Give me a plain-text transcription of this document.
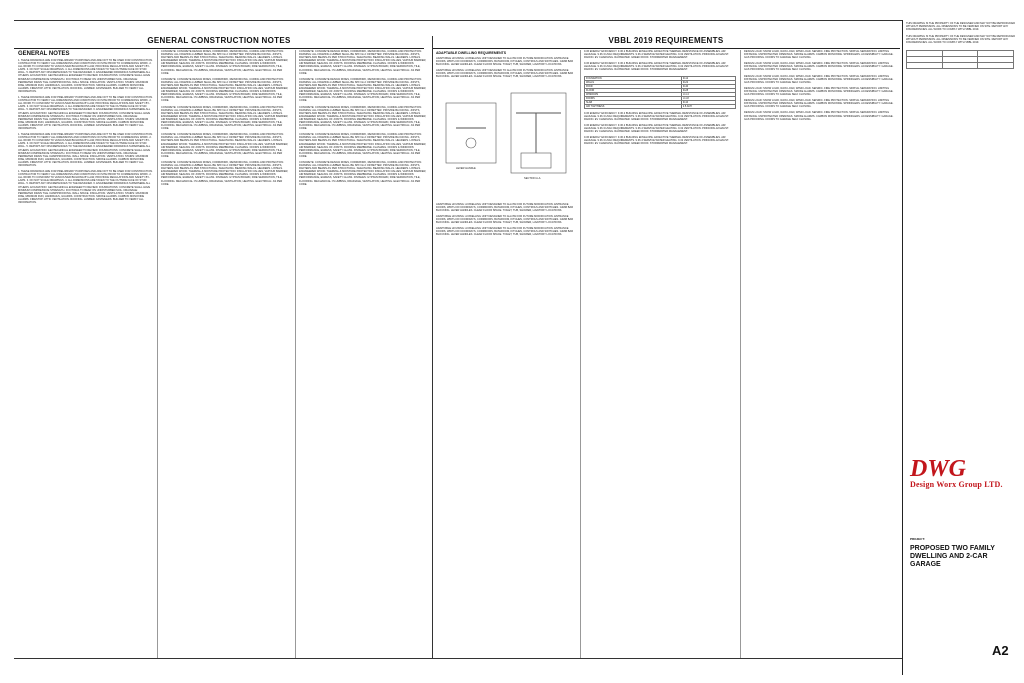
GENERAL CONSTRUCTION NOTES	VBBL 2019 REQUIREMENTS
GENERAL NOTES
1. THESE DRAWINGS ARE FOR PRELIMINARY PURPOSES AND ARE NOT TO BE USED FOR CONSTRUCTION. CONTRACTOR TO VERIFY ALL DIMENSIONS AND CONDITIONS ON SITE PRIOR TO COMMENCING WORK. 2. ALL WORK TO CONFORM TO VANCOUVER BUILDING BY-LAW, PROVINCE REGULATIONS AND SAFETY BY-LAWS. 3. DO NOT SCALE DRAWINGS. 4. ALL DIMENSIONS ARE TAKEN TO THE OUTSIDE FACE OF STUD WALL. 5. REPORT ANY DISCREPANCIES TO THE DESIGNER. 6. ENGINEERED DRAWINGS SUPERSEDE ALL OTHERS. EXCAVATION: GEOTECHNICAL ENGINEER TO REVIEW. FOUNDATIONS: CONCRETE SHALL HAVE MINIMUM COMPRESSIVE STRENGTH. FOOTINGS TO BEAR ON UNDISTURBED SOIL. DRAINAGE: PERIMETER DRAIN TILE. DAMPPROOFING. WALL SPACE. INSULATION. VENTILATION. STAIRS: MAXIMUM RISE, MINIMUM RUN, HANDRAILS, GUARDS. CONSTRUCTION. SMOKE ALARMS. CARBON MONOXIDE ALARMS. FIRESTOP. ATTIC VENTILATION. ROOFING. LUMBER. FASTENERS. BUILDER TO VERIFY ALL INFORMATION.
1. THESE DRAWINGS ARE FOR PRELIMINARY PURPOSES AND ARE NOT TO BE USED FOR CONSTRUCTION. CONTRACTOR TO VERIFY ALL DIMENSIONS AND CONDITIONS ON SITE PRIOR TO COMMENCING WORK. 2. ALL WORK TO CONFORM TO VANCOUVER BUILDING BY-LAW, PROVINCE REGULATIONS AND SAFETY BY-LAWS. 3. DO NOT SCALE DRAWINGS. 4. ALL DIMENSIONS ARE TAKEN TO THE OUTSIDE FACE OF STUD WALL. 5. REPORT ANY DISCREPANCIES TO THE DESIGNER. 6. ENGINEERED DRAWINGS SUPERSEDE ALL OTHERS. EXCAVATION: GEOTECHNICAL ENGINEER TO REVIEW. FOUNDATIONS: CONCRETE SHALL HAVE MINIMUM COMPRESSIVE STRENGTH. FOOTINGS TO BEAR ON UNDISTURBED SOIL. DRAINAGE: PERIMETER DRAIN TILE. DAMPPROOFING. WALL SPACE. INSULATION. VENTILATION. STAIRS: MAXIMUM RISE, MINIMUM RUN, HANDRAILS, GUARDS. CONSTRUCTION. SMOKE ALARMS. CARBON MONOXIDE ALARMS. FIRESTOP. ATTIC VENTILATION. ROOFING. LUMBER. FASTENERS. BUILDER TO VERIFY ALL INFORMATION.
1. THESE DRAWINGS ARE FOR PRELIMINARY PURPOSES AND ARE NOT TO BE USED FOR CONSTRUCTION. CONTRACTOR TO VERIFY ALL DIMENSIONS AND CONDITIONS ON SITE PRIOR TO COMMENCING WORK. 2. ALL WORK TO CONFORM TO VANCOUVER BUILDING BY-LAW, PROVINCE REGULATIONS AND SAFETY BY-LAWS. 3. DO NOT SCALE DRAWINGS. 4. ALL DIMENSIONS ARE TAKEN TO THE OUTSIDE FACE OF STUD WALL. 5. REPORT ANY DISCREPANCIES TO THE DESIGNER. 6. ENGINEERED DRAWINGS SUPERSEDE ALL OTHERS. EXCAVATION: GEOTECHNICAL ENGINEER TO REVIEW. FOUNDATIONS: CONCRETE SHALL HAVE MINIMUM COMPRESSIVE STRENGTH. FOOTINGS TO BEAR ON UNDISTURBED SOIL. DRAINAGE: PERIMETER DRAIN TILE. DAMPPROOFING. WALL SPACE. INSULATION. VENTILATION. STAIRS: MAXIMUM RISE, MINIMUM RUN, HANDRAILS, GUARDS. CONSTRUCTION. SMOKE ALARMS. CARBON MONOXIDE ALARMS. FIRESTOP. ATTIC VENTILATION. ROOFING. LUMBER. FASTENERS. BUILDER TO VERIFY ALL INFORMATION.
1. THESE DRAWINGS ARE FOR PRELIMINARY PURPOSES AND ARE NOT TO BE USED FOR CONSTRUCTION. CONTRACTOR TO VERIFY ALL DIMENSIONS AND CONDITIONS ON SITE PRIOR TO COMMENCING WORK. 2. ALL WORK TO CONFORM TO VANCOUVER BUILDING BY-LAW, PROVINCE REGULATIONS AND SAFETY BY-LAWS. 3. DO NOT SCALE DRAWINGS. 4. ALL DIMENSIONS ARE TAKEN TO THE OUTSIDE FACE OF STUD WALL. 5. REPORT ANY DISCREPANCIES TO THE DESIGNER. 6. ENGINEERED DRAWINGS SUPERSEDE ALL OTHERS. EXCAVATION: GEOTECHNICAL ENGINEER TO REVIEW. FOUNDATIONS: CONCRETE SHALL HAVE MINIMUM COMPRESSIVE STRENGTH. FOOTINGS TO BEAR ON UNDISTURBED SOIL. DRAINAGE: PERIMETER DRAIN TILE. DAMPPROOFING. WALL SPACE. INSULATION. VENTILATION. STAIRS: MAXIMUM RISE, MINIMUM RUN, HANDRAILS, GUARDS. CONSTRUCTION. SMOKE ALARMS. CARBON MONOXIDE ALARMS. FIRESTOP. ATTIC VENTILATION. ROOFING. LUMBER. FASTENERS. BUILDER TO VERIFY ALL INFORMATION.
CONCRETE: CONCRETE DESIGN MIXES, FORMWORK, REINFORCING, CURING AND PROTECTION. FRAMING: ALL FRAMING LUMBER SHALL BE SPF No.2 OR BETTER. PROVIDE BLOCKING. JOISTS, RAFTERS AND BEAMS AS PER STRUCTURAL. SHEATHING. BEARING WALLS. HEADERS. LINTELS. ENGINEERED WOOD. THERMAL & MOISTURE PROTECTION: INSULATION VALUES, VAPOUR BARRIER, AIR BARRIER, SEALING OF JOINTS. ROOFING MEMBRANE. FLASHING. DOORS & WINDOWS: PERFORMANCE, EGRESS, SAFETY GLASS. FINISHES: GYPSUM BOARD, FIRE SEPARATION, TILE, FLOORING. MECHANICAL: PLUMBING, DRAINAGE, VENTILATION, HEATING. ELECTRICAL: AS PER CODE.
CONCRETE: CONCRETE DESIGN MIXES, FORMWORK, REINFORCING, CURING AND PROTECTION. FRAMING: ALL FRAMING LUMBER SHALL BE SPF No.2 OR BETTER. PROVIDE BLOCKING. JOISTS, RAFTERS AND BEAMS AS PER STRUCTURAL. SHEATHING. BEARING WALLS. HEADERS. LINTELS. ENGINEERED WOOD. THERMAL & MOISTURE PROTECTION: INSULATION VALUES, VAPOUR BARRIER, AIR BARRIER, SEALING OF JOINTS. ROOFING MEMBRANE. FLASHING. DOORS & WINDOWS: PERFORMANCE, EGRESS, SAFETY GLASS. FINISHES: GYPSUM BOARD, FIRE SEPARATION, TILE, FLOORING. MECHANICAL: PLUMBING, DRAINAGE, VENTILATION, HEATING. ELECTRICAL: AS PER CODE.
CONCRETE: CONCRETE DESIGN MIXES, FORMWORK, REINFORCING, CURING AND PROTECTION. FRAMING: ALL FRAMING LUMBER SHALL BE SPF No.2 OR BETTER. PROVIDE BLOCKING. JOISTS, RAFTERS AND BEAMS AS PER STRUCTURAL. SHEATHING. BEARING WALLS. HEADERS. LINTELS. ENGINEERED WOOD. THERMAL & MOISTURE PROTECTION: INSULATION VALUES, VAPOUR BARRIER, AIR BARRIER, SEALING OF JOINTS. ROOFING MEMBRANE. FLASHING. DOORS & WINDOWS: PERFORMANCE, EGRESS, SAFETY GLASS. FINISHES: GYPSUM BOARD, FIRE SEPARATION, TILE, FLOORING. MECHANICAL: PLUMBING, DRAINAGE, VENTILATION, HEATING. ELECTRICAL: AS PER CODE.
CONCRETE: CONCRETE DESIGN MIXES, FORMWORK, REINFORCING, CURING AND PROTECTION. FRAMING: ALL FRAMING LUMBER SHALL BE SPF No.2 OR BETTER. PROVIDE BLOCKING. JOISTS, RAFTERS AND BEAMS AS PER STRUCTURAL. SHEATHING. BEARING WALLS. HEADERS. LINTELS. ENGINEERED WOOD. THERMAL & MOISTURE PROTECTION: INSULATION VALUES, VAPOUR BARRIER, AIR BARRIER, SEALING OF JOINTS. ROOFING MEMBRANE. FLASHING. DOORS & WINDOWS: PERFORMANCE, EGRESS, SAFETY GLASS. FINISHES: GYPSUM BOARD, FIRE SEPARATION, TILE, FLOORING. MECHANICAL: PLUMBING, DRAINAGE, VENTILATION, HEATING. ELECTRICAL: AS PER CODE.
CONCRETE: CONCRETE DESIGN MIXES, FORMWORK, REINFORCING, CURING AND PROTECTION. FRAMING: ALL FRAMING LUMBER SHALL BE SPF No.2 OR BETTER. PROVIDE BLOCKING. JOISTS, RAFTERS AND BEAMS AS PER STRUCTURAL. SHEATHING. BEARING WALLS. HEADERS. LINTELS. ENGINEERED WOOD. THERMAL & MOISTURE PROTECTION: INSULATION VALUES, VAPOUR BARRIER, AIR BARRIER, SEALING OF JOINTS. ROOFING MEMBRANE. FLASHING. DOORS & WINDOWS: PERFORMANCE, EGRESS, SAFETY GLASS. FINISHES: GYPSUM BOARD, FIRE SEPARATION, TILE, FLOORING. MECHANICAL: PLUMBING, DRAINAGE, VENTILATION, HEATING. ELECTRICAL: AS PER CODE.
CONCRETE: CONCRETE DESIGN MIXES, FORMWORK, REINFORCING, CURING AND PROTECTION. FRAMING: ALL FRAMING LUMBER SHALL BE SPF No.2 OR BETTER. PROVIDE BLOCKING. JOISTS, RAFTERS AND BEAMS AS PER STRUCTURAL. SHEATHING. BEARING WALLS. HEADERS. LINTELS. ENGINEERED WOOD. THERMAL & MOISTURE PROTECTION: INSULATION VALUES, VAPOUR BARRIER, AIR BARRIER, SEALING OF JOINTS. ROOFING MEMBRANE. FLASHING. DOORS & WINDOWS: PERFORMANCE, EGRESS, SAFETY GLASS. FINISHES: GYPSUM BOARD, FIRE SEPARATION, TILE, FLOORING. MECHANICAL: PLUMBING, DRAINAGE, VENTILATION, HEATING. ELECTRICAL: AS PER CODE.
CONCRETE: CONCRETE DESIGN MIXES, FORMWORK, REINFORCING, CURING AND PROTECTION. FRAMING: ALL FRAMING LUMBER SHALL BE SPF No.2 OR BETTER. PROVIDE BLOCKING. JOISTS, RAFTERS AND BEAMS AS PER STRUCTURAL. SHEATHING. BEARING WALLS. HEADERS. LINTELS. ENGINEERED WOOD. THERMAL & MOISTURE PROTECTION: INSULATION VALUES, VAPOUR BARRIER, AIR BARRIER, SEALING OF JOINTS. ROOFING MEMBRANE. FLASHING. DOORS & WINDOWS: PERFORMANCE, EGRESS, SAFETY GLASS. FINISHES: GYPSUM BOARD, FIRE SEPARATION, TILE, FLOORING. MECHANICAL: PLUMBING, DRAINAGE, VENTILATION, HEATING. ELECTRICAL: AS PER CODE.
CONCRETE: CONCRETE DESIGN MIXES, FORMWORK, REINFORCING, CURING AND PROTECTION. FRAMING: ALL FRAMING LUMBER SHALL BE SPF No.2 OR BETTER. PROVIDE BLOCKING. JOISTS, RAFTERS AND BEAMS AS PER STRUCTURAL. SHEATHING. BEARING WALLS. HEADERS. LINTELS. ENGINEERED WOOD. THERMAL & MOISTURE PROTECTION: INSULATION VALUES, VAPOUR BARRIER, AIR BARRIER, SEALING OF JOINTS. ROOFING MEMBRANE. FLASHING. DOORS & WINDOWS: PERFORMANCE, EGRESS, SAFETY GLASS. FINISHES: GYPSUM BOARD, FIRE SEPARATION, TILE, FLOORING. MECHANICAL: PLUMBING, DRAINAGE, VENTILATION, HEATING. ELECTRICAL: AS PER CODE.
CONCRETE: CONCRETE DESIGN MIXES, FORMWORK, REINFORCING, CURING AND PROTECTION. FRAMING: ALL FRAMING LUMBER SHALL BE SPF No.2 OR BETTER. PROVIDE BLOCKING. JOISTS, RAFTERS AND BEAMS AS PER STRUCTURAL. SHEATHING. BEARING WALLS. HEADERS. LINTELS. ENGINEERED WOOD. THERMAL & MOISTURE PROTECTION: INSULATION VALUES, VAPOUR BARRIER, AIR BARRIER, SEALING OF JOINTS. ROOFING MEMBRANE. FLASHING. DOORS & WINDOWS: PERFORMANCE, EGRESS, SAFETY GLASS. FINISHES: GYPSUM BOARD, FIRE SEPARATION, TILE, FLOORING. MECHANICAL: PLUMBING, DRAINAGE, VENTILATION, HEATING. ELECTRICAL: AS PER CODE.
CONCRETE: CONCRETE DESIGN MIXES, FORMWORK, REINFORCING, CURING AND PROTECTION. FRAMING: ALL FRAMING LUMBER SHALL BE SPF No.2 OR BETTER. PROVIDE BLOCKING. JOISTS, RAFTERS AND BEAMS AS PER STRUCTURAL. SHEATHING. BEARING WALLS. HEADERS. LINTELS. ENGINEERED WOOD. THERMAL & MOISTURE PROTECTION: INSULATION VALUES, VAPOUR BARRIER, AIR BARRIER, SEALING OF JOINTS. ROOFING MEMBRANE. FLASHING. DOORS & WINDOWS: PERFORMANCE, EGRESS, SAFETY GLASS. FINISHES: GYPSUM BOARD, FIRE SEPARATION, TILE, FLOORING. MECHANICAL: PLUMBING, DRAINAGE, VENTILATION, HEATING. ELECTRICAL: AS PER CODE.
ADAPTABLE DWELLING REQUIREMENTS
ADAPTABLE HOUSING: A DWELLING UNIT DESIGNED TO ALLOW FOR FUTURE MODIFICATION. ENTRANCE DOORS, WIDTH OF DOORWAYS, CORRIDORS, BATHROOM, KITCHEN, CONTROLS AND SWITCHES. GRAB BAR BLOCKING. LEVER HANDLES. CLEAR FLOOR SPACE. TOILET, TUB, SHOWER, LAVATORY LOCATIONS.
ADAPTABLE HOUSING: A DWELLING UNIT DESIGNED TO ALLOW FOR FUTURE MODIFICATION. ENTRANCE DOORS, WIDTH OF DOORWAYS, CORRIDORS, BATHROOM, KITCHEN, CONTROLS AND SWITCHES. GRAB BAR BLOCKING. LEVER HANDLES. CLEAR FLOOR SPACE. TOILET, TUB, SHOWER, LAVATORY LOCATIONS.
LEVER HANDLE
SECTION A-A
ADAPTABLE HOUSING: A DWELLING UNIT DESIGNED TO ALLOW FOR FUTURE MODIFICATION. ENTRANCE DOORS, WIDTH OF DOORWAYS, CORRIDORS, BATHROOM, KITCHEN, CONTROLS AND SWITCHES. GRAB BAR BLOCKING. LEVER HANDLES. CLEAR FLOOR SPACE. TOILET, TUB, SHOWER, LAVATORY LOCATIONS.
ADAPTABLE HOUSING: A DWELLING UNIT DESIGNED TO ALLOW FOR FUTURE MODIFICATION. ENTRANCE DOORS, WIDTH OF DOORWAYS, CORRIDORS, BATHROOM, KITCHEN, CONTROLS AND SWITCHES. GRAB BAR BLOCKING. LEVER HANDLES. CLEAR FLOOR SPACE. TOILET, TUB, SHOWER, LAVATORY LOCATIONS.
ADAPTABLE HOUSING: A DWELLING UNIT DESIGNED TO ALLOW FOR FUTURE MODIFICATION. ENTRANCE DOORS, WIDTH OF DOORWAYS, CORRIDORS, BATHROOM, KITCHEN, CONTROLS AND SWITCHES. GRAB BAR BLOCKING. LEVER HANDLES. CLEAR FLOOR SPACE. TOILET, TUB, SHOWER, LAVATORY LOCATIONS.
9.36 ENERGY EFFICIENCY. 9.36.2 BUILDING ENVELOPE. EFFECTIVE THERMAL RESISTANCE OF ASSEMBLIES. AIR LEAKAGE. 9.36.3 HVAC REQUIREMENTS. 9.36.4 SERVICE WATER HEATING. 9.32 VENTILATION. PRINCIPAL EXHAUST. RADON. EV CHARGING. RAINWATER. GREEN ROOF. STORMWATER MANAGEMENT.
9.36 ENERGY EFFICIENCY. 9.36.2 BUILDING ENVELOPE. EFFECTIVE THERMAL RESISTANCE OF ASSEMBLIES. AIR LEAKAGE. 9.36.3 HVAC REQUIREMENTS. 9.36.4 SERVICE WATER HEATING. 9.32 VENTILATION. PRINCIPAL EXHAUST. RADON. EV CHARGING. RAINWATER. GREEN ROOF. STORMWATER MANAGEMENT.
FOUNDATION	R-12
WALLS	R-22
ROOF	R-40
FLOOR	R-28
WINDOWS	U-1.4
DOORS	U-1.8
SLAB	R-10
AIR TIGHTNESS	2.5 ACH
9.36 ENERGY EFFICIENCY. 9.36.2 BUILDING ENVELOPE. EFFECTIVE THERMAL RESISTANCE OF ASSEMBLIES. AIR LEAKAGE. 9.36.3 HVAC REQUIREMENTS. 9.36.4 SERVICE WATER HEATING. 9.32 VENTILATION. PRINCIPAL EXHAUST. RADON. EV CHARGING. RAINWATER. GREEN ROOF. STORMWATER MANAGEMENT.
9.36 ENERGY EFFICIENCY. 9.36.2 BUILDING ENVELOPE. EFFECTIVE THERMAL RESISTANCE OF ASSEMBLIES. AIR LEAKAGE. 9.36.3 HVAC REQUIREMENTS. 9.36.4 SERVICE WATER HEATING. 9.32 VENTILATION. PRINCIPAL EXHAUST. RADON. EV CHARGING. RAINWATER. GREEN ROOF. STORMWATER MANAGEMENT.
9.36 ENERGY EFFICIENCY. 9.36.2 BUILDING ENVELOPE. EFFECTIVE THERMAL RESISTANCE OF ASSEMBLIES. AIR LEAKAGE. 9.36.3 HVAC REQUIREMENTS. 9.36.4 SERVICE WATER HEATING. 9.32 VENTILATION. PRINCIPAL EXHAUST. RADON. EV CHARGING. RAINWATER. GREEN ROOF. STORMWATER MANAGEMENT.
DESIGN LOAD: SNOW LOAD, RAIN LOAD, WIND LOAD. SEISMIC. FIRE PROTECTION. SPATIAL SEPARATION. LIMITING DISTANCE. UNPROTECTED OPENINGS. SMOKE ALARMS. CARBON MONOXIDE. SPRINKLERS. ACCESSIBILITY. GARAGE. GAS PROOFING. DOORS TO GARAGE SELF CLOSING.
DESIGN LOAD: SNOW LOAD, RAIN LOAD, WIND LOAD. SEISMIC. FIRE PROTECTION. SPATIAL SEPARATION. LIMITING DISTANCE. UNPROTECTED OPENINGS. SMOKE ALARMS. CARBON MONOXIDE. SPRINKLERS. ACCESSIBILITY. GARAGE. GAS PROOFING. DOORS TO GARAGE SELF CLOSING.
DESIGN LOAD: SNOW LOAD, RAIN LOAD, WIND LOAD. SEISMIC. FIRE PROTECTION. SPATIAL SEPARATION. LIMITING DISTANCE. UNPROTECTED OPENINGS. SMOKE ALARMS. CARBON MONOXIDE. SPRINKLERS. ACCESSIBILITY. GARAGE. GAS PROOFING. DOORS TO GARAGE SELF CLOSING.
DESIGN LOAD: SNOW LOAD, RAIN LOAD, WIND LOAD. SEISMIC. FIRE PROTECTION. SPATIAL SEPARATION. LIMITING DISTANCE. UNPROTECTED OPENINGS. SMOKE ALARMS. CARBON MONOXIDE. SPRINKLERS. ACCESSIBILITY. GARAGE. GAS PROOFING. DOORS TO GARAGE SELF CLOSING.
DESIGN LOAD: SNOW LOAD, RAIN LOAD, WIND LOAD. SEISMIC. FIRE PROTECTION. SPATIAL SEPARATION. LIMITING DISTANCE. UNPROTECTED OPENINGS. SMOKE ALARMS. CARBON MONOXIDE. SPRINKLERS. ACCESSIBILITY. GARAGE. GAS PROOFING. DOORS TO GARAGE SELF CLOSING.
DESIGN LOAD: SNOW LOAD, RAIN LOAD, WIND LOAD. SEISMIC. FIRE PROTECTION. SPATIAL SEPARATION. LIMITING DISTANCE. UNPROTECTED OPENINGS. SMOKE ALARMS. CARBON MONOXIDE. SPRINKLERS. ACCESSIBILITY. GARAGE. GAS PROOFING. DOORS TO GARAGE SELF CLOSING.
THIS DRAWING IS THE PROPERTY OF THE DESIGNER AND MAY NOT BE REPRODUCED WITHOUT PERMISSION. ALL DIMENSIONS TO BE VERIFIED ON SITE. REPORT ANY DISCREPANCIES. ALL WORK TO COMPLY WITH VBBL 2019.
THIS DRAWING IS THE PROPERTY OF THE DESIGNER AND MAY NOT BE REPRODUCED WITHOUT PERMISSION. ALL DIMENSIONS TO BE VERIFIED ON SITE. REPORT ANY DISCREPANCIES. ALL WORK TO COMPLY WITH VBBL 2019.

DWG
Design Worx Group LTD.
PROJECT:
PROPOSED TWO FAMILY DWELLING AND 2-CAR GARAGE
A2
